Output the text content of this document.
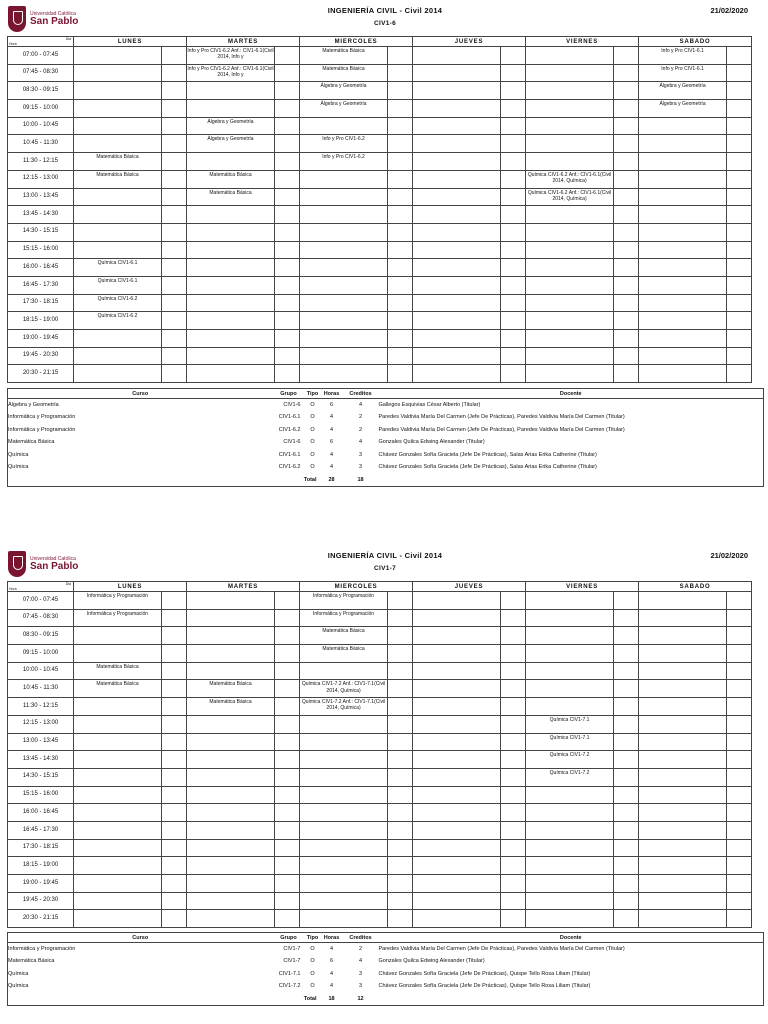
Universidad Católica
San Pablo
INGENIERÍA CIVIL - Civil 2014
CIV1-6
21/02/2020
Dia
Hora	LUNES		MARTES		MIERCOLES		JUEVES		VIERNES		SABADO	
07:00 - 07:45			Info y Pro CIV1-6.2 Anf.: CIV1-6.1(Civil 2014, Info y		Matemática Básica						Info y Pro CIV1-6.1	
07:45 - 08:30			Info y Pro CIV1-6.2 Anf.: CIV1-6.1(Civil 2014, Info y		Matemática Básica						Info y Pro CIV1-6.1	
08:30 - 09:15					Álgebra y Geometría						Álgebra y Geometría	
09:15 - 10:00					Álgebra y Geometría						Álgebra y Geometría	
10:00 - 10:45			Álgebra y Geometría									
10:45 - 11:30			Álgebra y Geometría		Info y Pro CIV1-6.2							
11:30 - 12:15	Matemática Básica				Info y Pro CIV1-6.2							
12:15 - 13:00	Matemática Básica		Matemática Básica						Química CIV1-6.2 Anf.: CIV1-6.1(Civil 2014, Química)			
13:00 - 13:45			Matemática Básica						Química CIV1-6.2 Anf.: CIV1-6.1(Civil 2014, Química)			
13:45 - 14:30												
14:30 - 15:15												
15:15 - 16:00												
16:00 - 16:45	Química CIV1-6.1											
16:45 - 17:30	Química CIV1-6.1											
17:30 - 18:15	Química CIV1-6.2											
18:15 - 19:00	Química CIV1-6.2											
19:00 - 19:45												
19:45 - 20:30												
20:30 - 21:15												
Curso	Grupo	Tipo	Horas	Creditos	Docente
Álgebra y Geometría	CIV1-6	O	6	4	Gallegos Esquivias César Alberto (Titular)
Informática y Programación	CIV1-6.1	O	4	2	Paredes Valdivia María Del Carmen (Jefe De Prácticas), Paredes Valdivia María Del Carmen (Titular)
Informática y Programación	CIV1-6.2	O	4	2	Paredes Valdivia María Del Carmen (Jefe De Prácticas), Paredes Valdivia María Del Carmen (Titular)
Matemática Básica	CIV1-6	O	6	4	Gonzales Quilca Edwing Alexander (Titular)
Química	CIV1-6.1	O	4	3	Chávez Gonzales Sofía Graciela (Jefe De Prácticas), Salas Arias Erika Catherine (Titular)
Química	CIV1-6.2	O	4	3	Chávez Gonzales Sofía Graciela (Jefe De Prácticas), Salas Arias Erika Catherine (Titular)
	Total		28	18	
Universidad Católica
San Pablo
INGENIERÍA CIVIL - Civil 2014
CIV1-7
21/02/2020
Dia
Hora	LUNES		MARTES		MIERCOLES		JUEVES		VIERNES		SABADO	
07:00 - 07:45	Informática y Programación				Informática y Programación							
07:45 - 08:30	Informática y Programación				Informática y Programación							
08:30 - 09:15					Matemática Básica							
09:15 - 10:00					Matemática Básica							
10:00 - 10:45	Matemática Básica											
10:45 - 11:30	Matemática Básica		Matemática Básica		Química CIV1-7.2 Anf.: CIV1-7.1(Civil 2014, Química)							
11:30 - 12:15			Matemática Básica		Química CIV1-7.2 Anf.: CIV1-7.1(Civil 2014, Química)							
12:15 - 13:00									Química CIV1-7.1			
13:00 - 13:45									Química CIV1-7.1			
13:45 - 14:30									Química CIV1-7.2			
14:30 - 15:15									Química CIV1-7.2			
15:15 - 16:00												
16:00 - 16:45												
16:45 - 17:30												
17:30 - 18:15												
18:15 - 19:00												
19:00 - 19:45												
19:45 - 20:30												
20:30 - 21:15												
Curso	Grupo	Tipo	Horas	Creditos	Docente
Informática y Programación	CIV1-7	O	4	2	Paredes Valdivia María Del Carmen (Jefe De Prácticas), Paredes Valdivia María Del Carmen (Titular)
Matemática Básica	CIV1-7	O	6	4	Gonzales Quilca Edwing Alexander (Titular)
Química	CIV1-7.1	O	4	3	Chávez Gonzales Sofía Graciela (Jefe De Prácticas), Quispe Tello Rosa Liliam (Titular)
Química	CIV1-7.2	O	4	3	Chávez Gonzales Sofía Graciela (Jefe De Prácticas), Quispe Tello Rosa Liliam (Titular)
	Total		18	12	
